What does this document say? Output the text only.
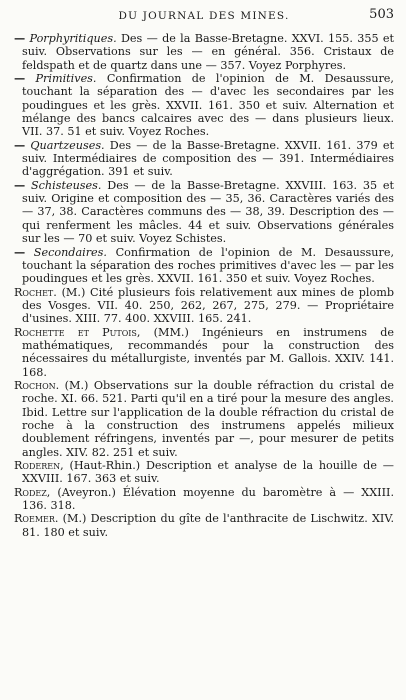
DU JOURNAL DES MINES.	503

— Porphyritiques. Des — de la Basse-Bretagne. XXVI. 155. 355 et suiv. Observations sur les — en général. 356. Cristaux de feldspath et de quartz dans une — 357. Voyez Porphyres.

— Primitives. Confirmation de l'opinion de M. Desaussure, touchant la séparation des — d'avec les secondaires par les poudingues et les grès. XXVII. 161. 350 et suiv. Alternation et mélange des bancs calcaires avec des — dans plusieurs lieux. VII. 37. 51 et suiv. Voyez Roches.

— Quartzeuses. Des — de la Basse-Bretagne. XXVII. 161. 379 et suiv. Intermédiaires de composition des — 391. Intermédiaires d'aggrégation. 391 et suiv.

— Schisteuses. Des — de la Basse-Bretagne. XXVIII. 163. 35 et suiv. Origine et composition des — 35, 36. Caractères variés des — 37, 38. Caractères communs des — 38, 39. Description des — qui renferment les mâcles. 44 et suiv. Observations générales sur les — 70 et suiv. Voyez Schistes.

— Secondaires. Confirmation de l'opinion de M. Desaussure, touchant la séparation des roches primitives d'avec les — par les poudingues et les grès. XXVII. 161. 350 et suiv. Voyez Roches.

Rochet. (M.) Cité plusieurs fois relativement aux mines de plomb des Vosges. VII. 40. 250, 262, 267, 275, 279. — Propriétaire d'usines. XIII. 77. 400. XXVIII. 165. 241.

Rochette et Putois, (MM.) Ingénieurs en instrumens de mathématiques, recommandés pour la construction des nécessaires du métallurgiste, inventés par M. Gallois. XXIV. 141. 168.

Rochon. (M.) Observations sur la double réfraction du cristal de roche. XI. 66. 521. Parti qu'il en a tiré pour la mesure des angles. Ibid. Lettre sur l'application de la double réfraction du cristal de roche à la construction des instrumens appelés milieux doublement réfringens, inventés par —, pour mesurer de petits angles. XIV. 82. 251 et suiv.

Roderen, (Haut-Rhin.) Description et analyse de la houille de — XXVIII. 167. 363 et suiv.

Rodez, (Aveyron.) Élévation moyenne du baromètre à — XXIII. 136. 318.

Roemer. (M.) Description du gîte de l'anthracite de Lischwitz. XIV. 81. 180 et suiv.
